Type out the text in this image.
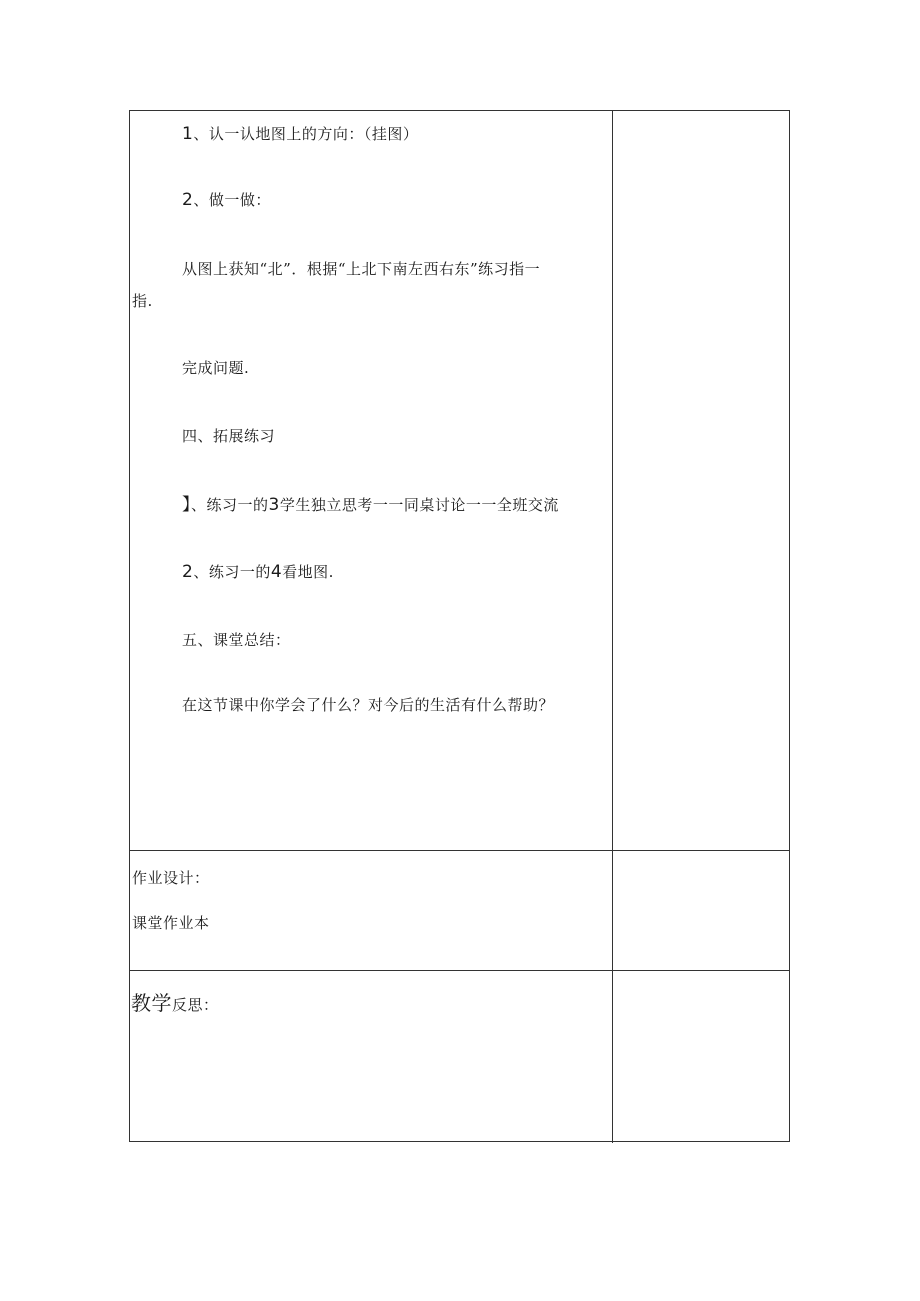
1、认一认地图上的方向：（挂图）
2、做一做：
从图上获知“北”．根据“上北下南左西右东”练习指一
指.
完成问题.
四、拓展练习
】、练习一的3学生独立思考一一同桌讨论一一全班交流
2、练习一的4看地图.
五、课堂总结：
在这节课中你学会了什么？对今后的生活有什么帮助？
作业设计：
课堂作业本
教学反思：
